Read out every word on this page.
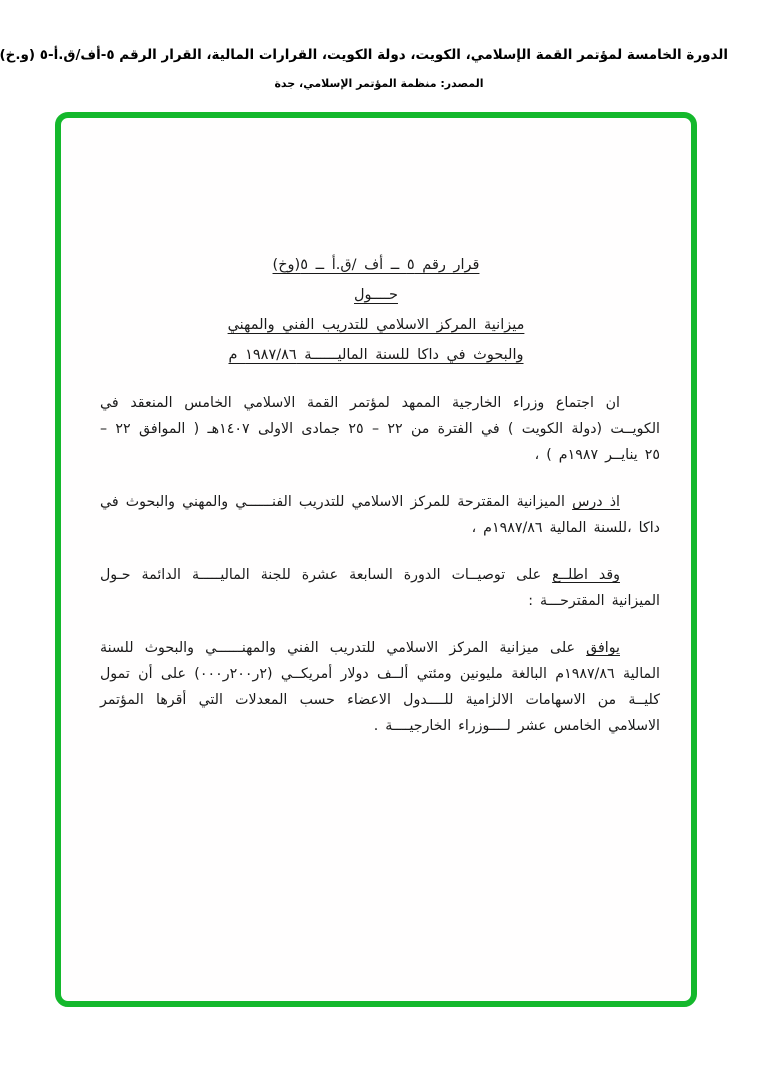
الدورة الخامسة لمؤتمر القمة الإسلامي، الكويت، دولة الكويت، القرارات المالية، القرار الرقم ٥-أف/ق.أ-٥ (و.خ)
المصدر: منظمة المؤتمر الإسلامي، جدة
قرار رقم ٥ ــ أف /ق.أ ــ ٥(وخ)
حــــول
ميزانية المركز الاسلامي للتدريب الفني والمهني
والبحوث في داكا للسنة الماليــــــة ١٩٨٧/٨٦ م

ان اجتماع وزراء الخارجية الممهد لمؤتمر القمة الاسلامي الخامس المنعقد في الكويــت (دولة الكويت ) في الفترة من ٢٢ – ٢٥ جمادى الاولى ١٤٠٧هـ ( الموافق ٢٢ – ٢٥ ينايــر ١٩٨٧م ) ،

اذ درس الميزانية المقترحة للمركز الاسلامي للتدريب الفنــــــي والمهني والبحوث في داكا ،للسنة المالية ١٩٨٧/٨٦م ،

وقد اطلــع على توصيــات الدورة السابعة عشرة للجنة الماليـــــة الدائمة حـول الميزانية المقترحـــة :

يوافق على ميزانية المركز الاسلامي للتدريب الفني والمهنــــــي والبحوث للسنة المالية ١٩٨٧/٨٦م البالغة مليونين ومئتي ألــف دولار أمريكــي (٢ر٢٠٠ر٠٠٠) على أن تمول كليــة من الاسهامات الالزامية للــــدول الاعضاء حسب المعدلات التي أقرها المؤتمر الاسلامي الخامس عشر لــــوزراء الخارجيــــة .
